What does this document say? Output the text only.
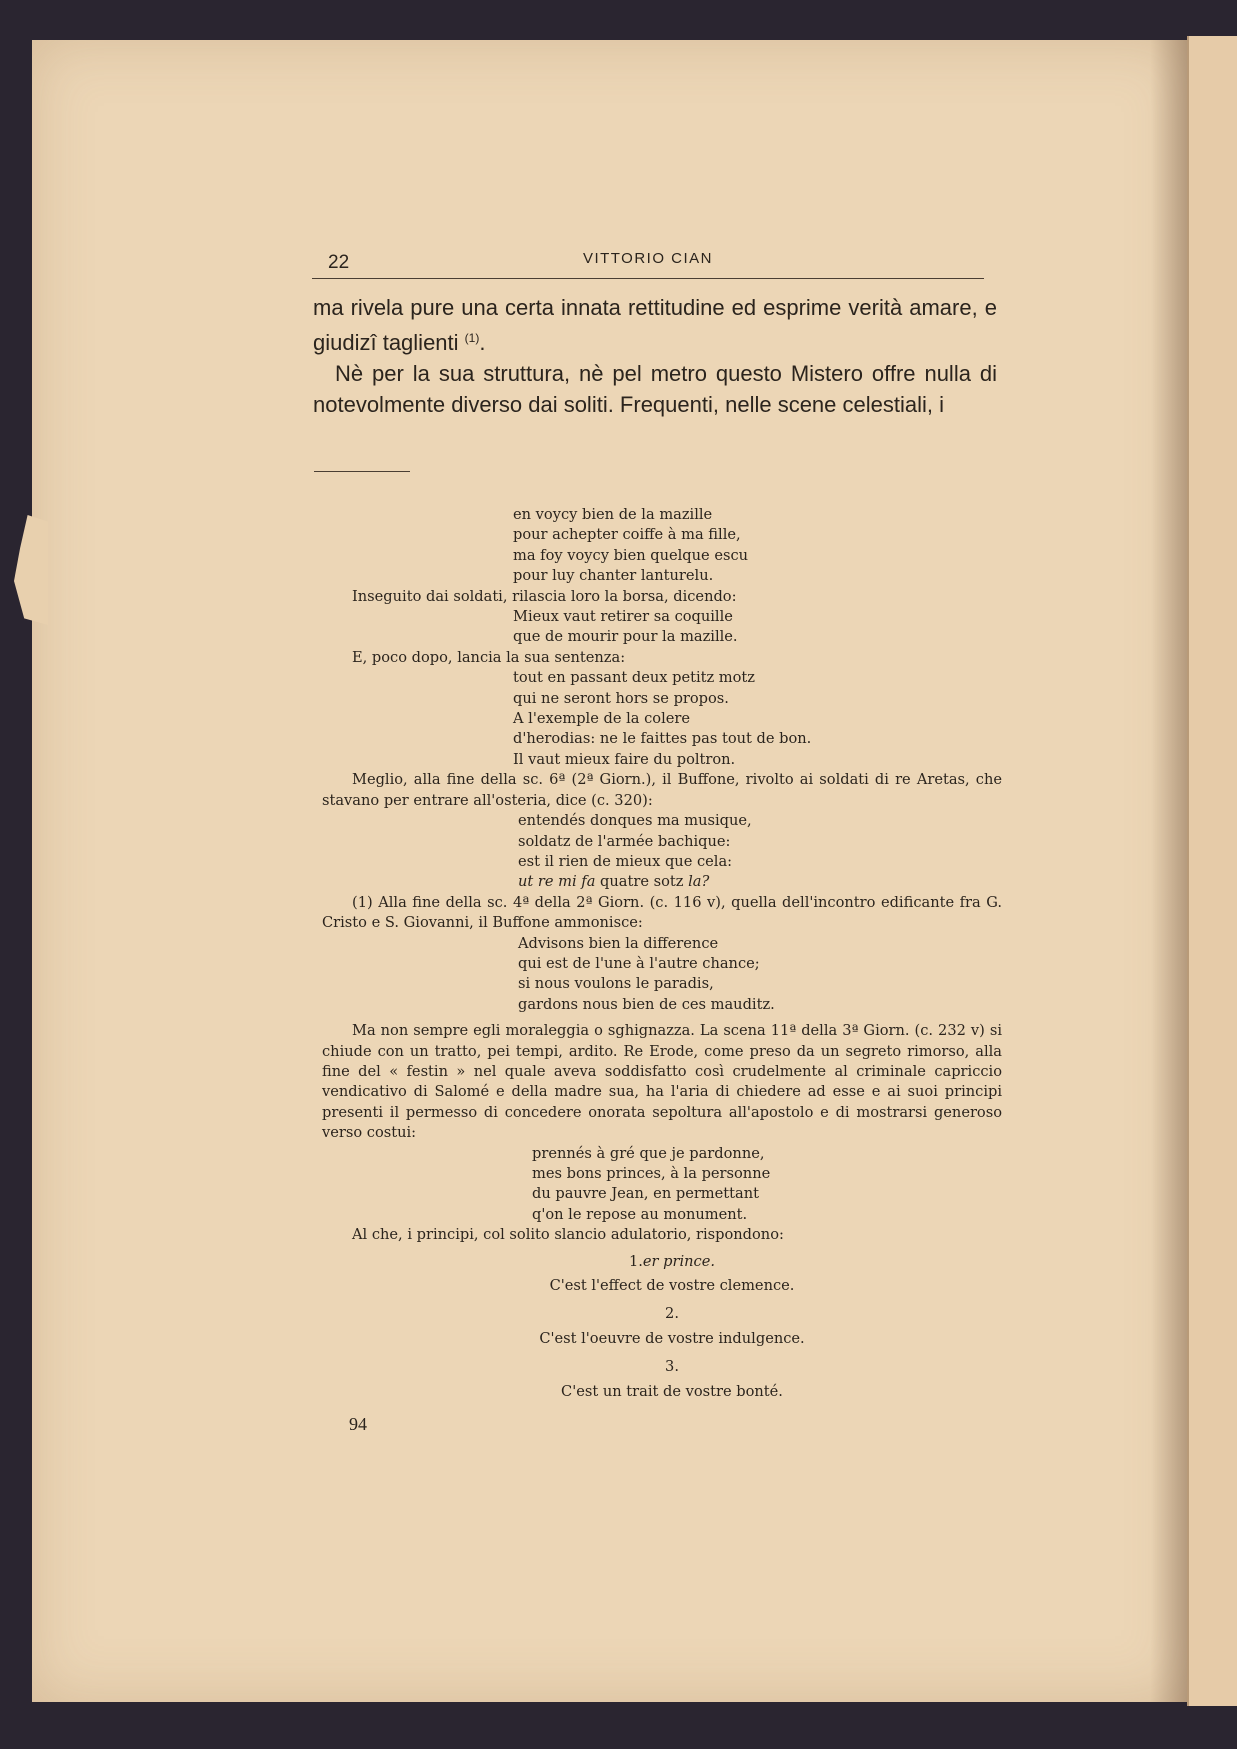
22	VITTORIO CIAN

ma rivela pure una certa innata rettitudine ed esprime verità amare, e giudizî taglienti $^{(1)}$.

Nè per la sua struttura, nè pel metro questo Mistero offre nulla di notevolmente diverso dai soliti. Frequenti, nelle scene celestiali, i

en voycy bien de la mazille
pour achepter coiffe à ma fille,
ma foy voycy bien quelque escu
pour luy chanter lanturelu.
Inseguito dai soldati, rilascia loro la borsa, dicendo:
Mieux vaut retirer sa coquille
que de mourir pour la mazille.
E, poco dopo, lancia la sua sentenza:
tout en passant deux petitz motz
qui ne seront hors se propos.
A l'exemple de la colere
d'herodias: ne le faittes pas tout de bon.
Il vaut mieux faire du poltron.
Meglio, alla fine della sc. 6ª (2ª Giorn.), il Buffone, rivolto ai soldati di re Aretas, che stavano per entrare all'osteria, dice (c. 320):
entendés donques ma musique,
soldatz de l'armée bachique:
est il rien de mieux que cela:
ut re mi fa quatre sotz la?
(1) Alla fine della sc. 4ª della 2ª Giorn. (c. 116 v), quella dell'incontro edificante fra G. Cristo e S. Giovanni, il Buffone ammonisce:
Advisons bien la difference
qui est de l'une à l'autre chance;
si nous voulons le paradis,
gardons nous bien de ces mauditz.
Ma non sempre egli moraleggia o sghignazza. La scena 11ª della 3ª Giorn. (c. 232 v) si chiude con un tratto, pei tempi, ardito. Re Erode, come preso da un segreto rimorso, alla fine del « festin » nel quale aveva soddisfatto così crudelmente al criminale capriccio vendicativo di Salomé e della madre sua, ha l'aria di chiedere ad esse e ai suoi principi presenti il permesso di concedere onorata sepoltura all'apostolo e di mostrarsi generoso verso costui:
prennés à gré que je pardonne,
mes bons princes, à la personne
du pauvre Jean, en permettant
q'on le repose au monument.
Al che, i principi, col solito slancio adulatorio, rispondono:
1.er prince.
C'est l'effect de vostre clemence.
2.
C'est l'oeuvre de vostre indulgence.
3.
C'est un trait de vostre bonté.
94
